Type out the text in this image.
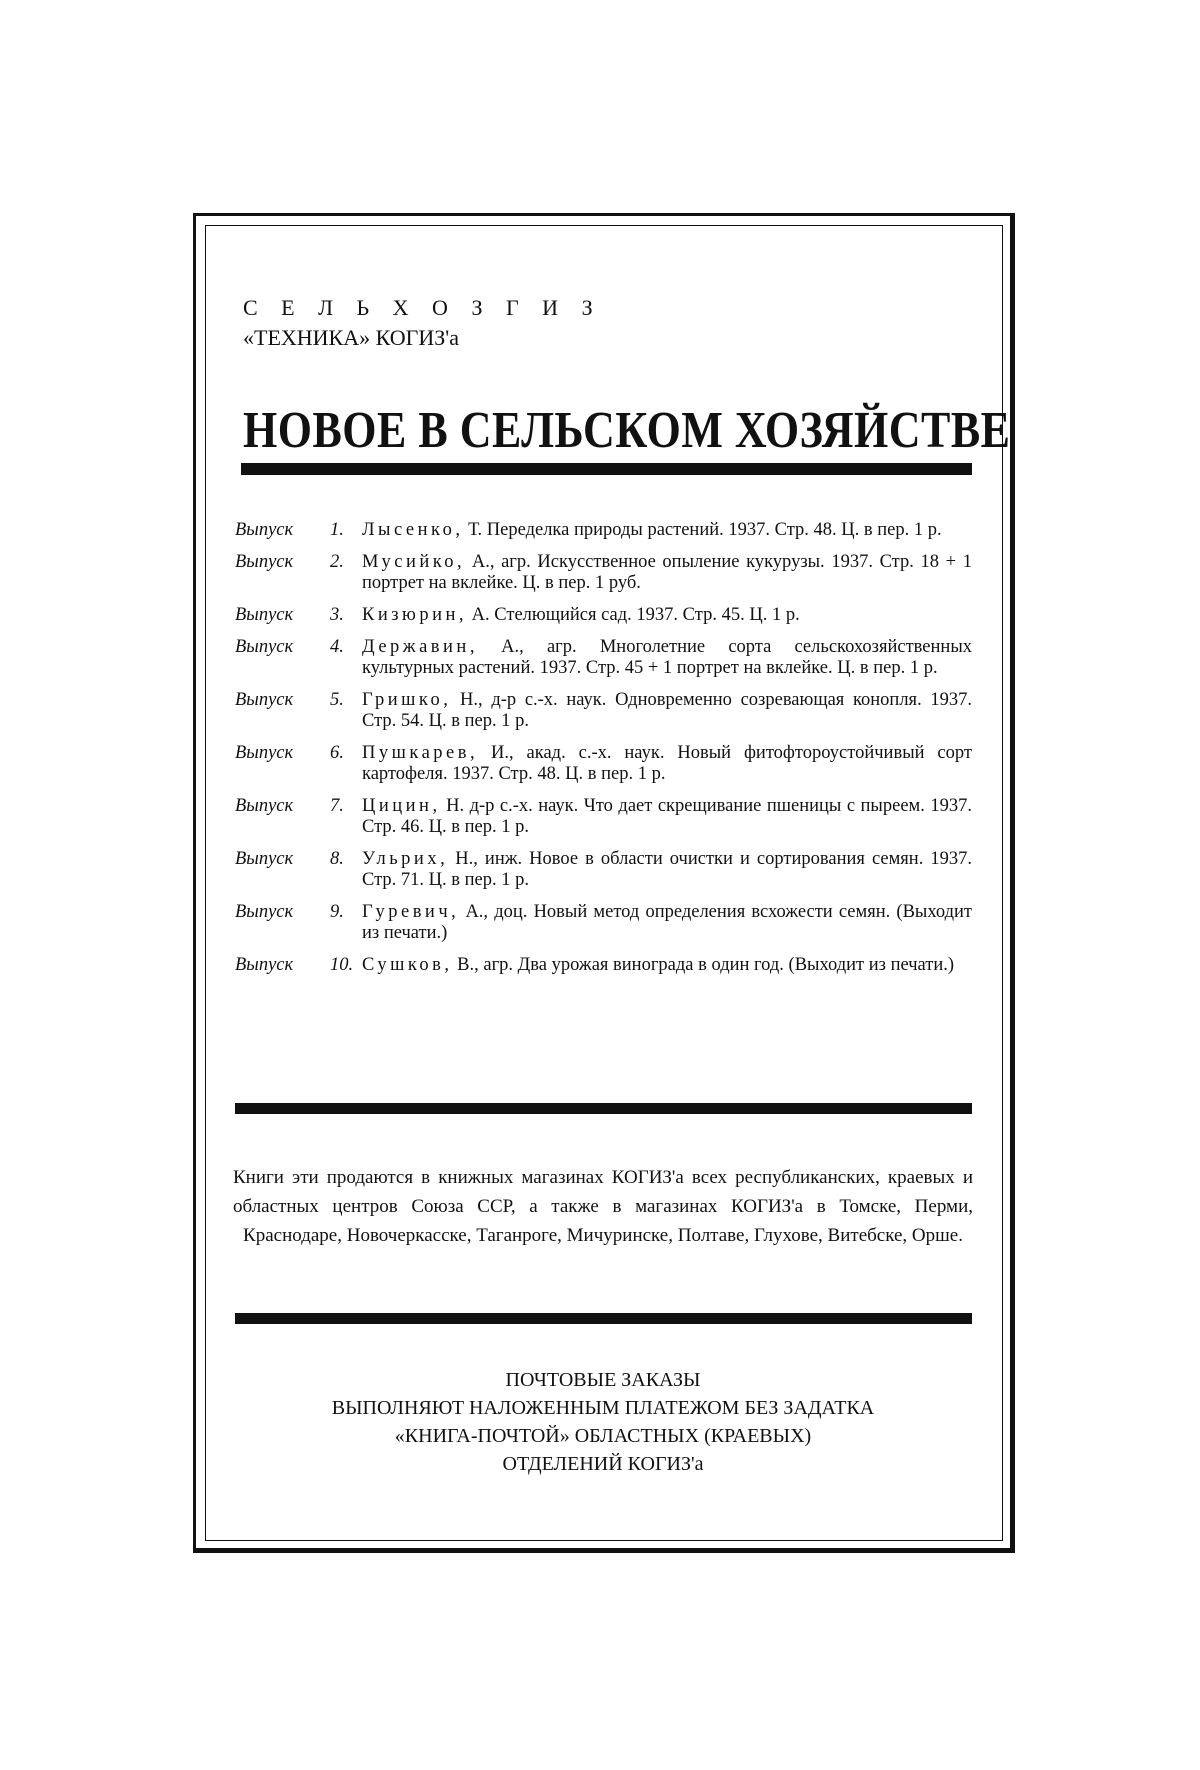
С Е Л Ь Х О З Г И З
«ТЕХНИКА» КОГИЗ'а
НОВОЕ В СЕЛЬСКОМ ХОЗЯЙСТВЕ
Выпуск	1. Лысенко, Т. Переделка природы растений. 1937. Стр. 48. Ц. в пер. 1 р.
Выпуск	2. Мусийко, А., агр. Искусственное опыление кукурузы. 1937. Стр. 18 + 1 портрет на вклейке. Ц. в пер. 1 руб.
Выпуск	3. Кизюрин, А. Стелющийся сад. 1937. Стр. 45. Ц. 1 р.
Выпуск	4. Державин, А., агр. Многолетние сорта сельскохозяйственных культурных растений. 1937. Стр. 45 + 1 портрет на вклейке. Ц. в пер. 1 р.
Выпуск	5. Гришко, Н., д-р с.-х. наук. Одновременно созревающая конопля. 1937. Стр. 54. Ц. в пер. 1 р.
Выпуск	6. Пушкарев, И., акад. с.-х. наук. Новый фитофтороустойчивый сорт картофеля. 1937. Стр. 48. Ц. в пер. 1 р.
Выпуск	7. Цицин, Н. д-р с.-х. наук. Что дает скрещивание пшеницы с пыреем. 1937. Стр. 46. Ц. в пер. 1 р.
Выпуск	8. Ульрих, Н., инж. Новое в области очистки и сортирования семян. 1937. Стр. 71. Ц. в пер. 1 р.
Выпуск	9. Гуревич, А., доц. Новый метод определения всхожести семян. (Выходит из печати.)
Выпуск	10. Сушков, В., агр. Два урожая винограда в один год. (Выходит из печати.)
Книги эти продаются в книжных магазинах КОГИЗ'а всех республиканских, краевых и областных центров Союза ССР, а также в магазинах КОГИЗ'а в Томске, Перми, Краснодаре, Новочеркасске, Таганроге, Мичуринске, Полтаве, Глухове, Витебске, Орше.
ПОЧТОВЫЕ ЗАКАЗЫ
ВЫПОЛНЯЮТ НАЛОЖЕННЫМ ПЛАТЕЖОМ БЕЗ ЗАДАТКА
«КНИГА-ПОЧТОЙ» ОБЛАСТНЫХ (КРАЕВЫХ)
ОТДЕЛЕНИЙ КОГИЗ'а
